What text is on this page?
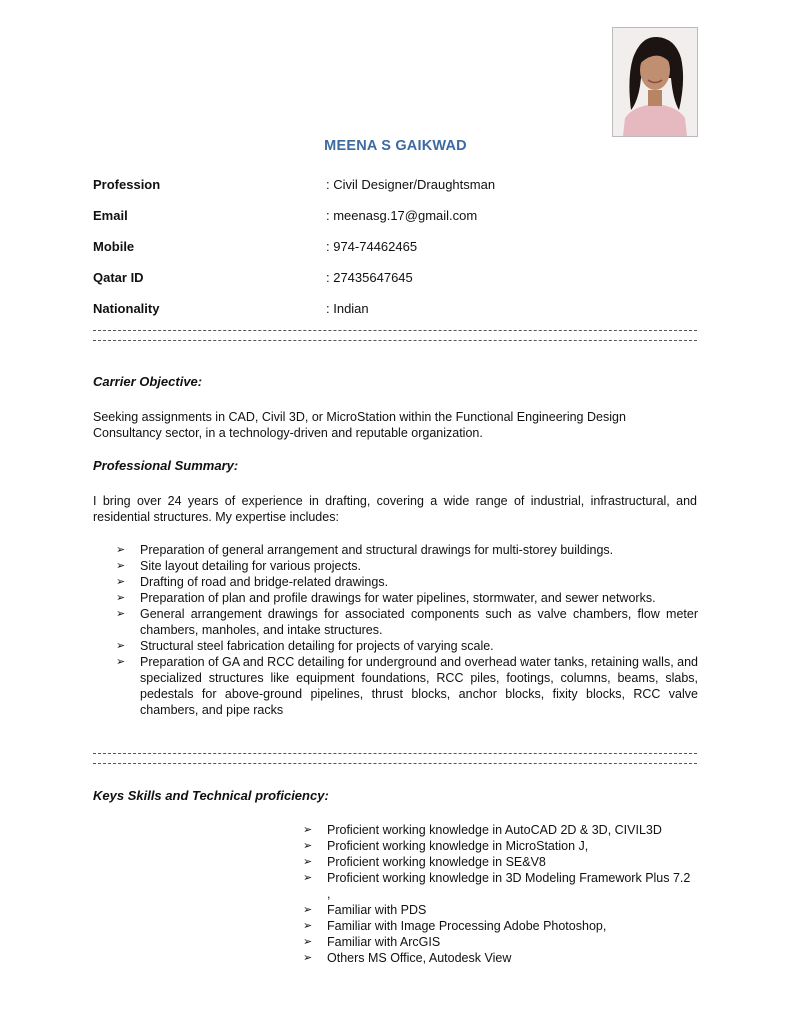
MEENA S GAIKWAD
Profession	: Civil Designer/Draughtsman
Email	: meenasg.17@gmail.com
Mobile	: 974-74462465
Qatar ID	: 27435647645
Nationality	: Indian
Carrier Objective:

Seeking assignments in CAD, Civil 3D, or MicroStation within the Functional Engineering Design Consultancy sector, in a technology-driven and reputable organization.

Professional Summary:

I bring over 24 years of experience in drafting, covering a wide range of industrial, infrastructural, and residential structures. My expertise includes:

➢ Preparation of general arrangement and structural drawings for multi-storey buildings.
➢ Site layout detailing for various projects.
➢ Drafting of road and bridge-related drawings.
➢ Preparation of plan and profile drawings for water pipelines, stormwater, and sewer networks.
➢ General arrangement drawings for associated components such as valve chambers, flow meter chambers, manholes, and intake structures.
➢ Structural steel fabrication detailing for projects of varying scale.
➢ Preparation of GA and RCC detailing for underground and overhead water tanks, retaining walls, and specialized structures like equipment foundations, RCC piles, footings, columns, beams, slabs, pedestals for above-ground pipelines, thrust blocks, anchor blocks, fixity blocks, RCC valve chambers, and pipe racks
Keys Skills and Technical proficiency:
➢ Proficient working knowledge in AutoCAD 2D & 3D, CIVIL3D
➢ Proficient working knowledge in MicroStation J,
➢ Proficient working knowledge in SE&V8
➢ Proficient working knowledge in 3D Modeling Framework Plus 7.2 ,
➢ Familiar with PDS
➢ Familiar with Image Processing Adobe Photoshop,
➢ Familiar with ArcGIS
➢ Others MS Office, Autodesk View
